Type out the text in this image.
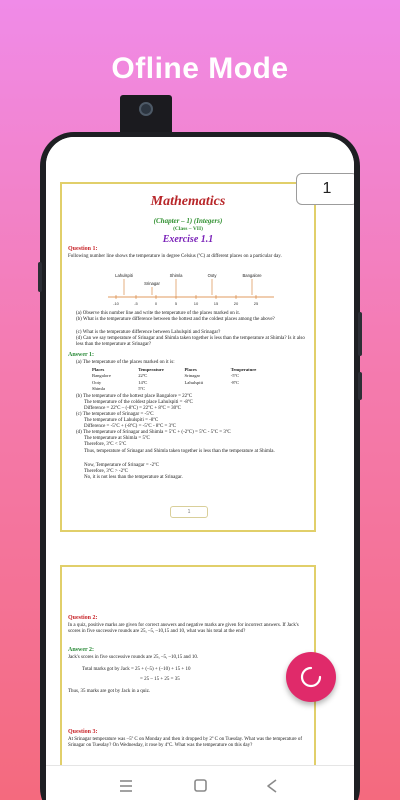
Ofline Mode
Mathematics
(Chapter – 1) (Integers)
(Class – VII)
Exercise 1.1
Question 1:
Following number line shows the temperature in degree Celsius (ºC) at different places on a particular day.
-10	-5	0	5	10	15	20	25
Lahulspiti
Srinagar
Shimla	Ooty	Bangalore
(a) Observe this number line and write the temperature of the places marked on it.
(b) What is the temperature difference between the hottest and the coldest places among the above?
(c) What is the temperature difference between Lahulspiti and Srinagar?
(d) Can we say temperature of Srinagar and Shimla taken together is less than the temperature at Shimla? Is it also less than the temperature at Srinagar?
Answer 1:
(a) The temperature of the places marked on it is:
Places	Temperature	Places	Temperature
Bangalore	22ºC	Srinagar	-5ºC
Ooty	14ºC	Lahulspiti	-8ºC
Shimla	5ºC
(b) The temperature of the hottest place Bangalore = 22ºC
The temperature of the coldest place Lahulspiti = -8ºC
Difference = 22ºC – (-8ºC) = 22ºC + 8ºC = 30ºC
(c) The temperature of Srinagar = -5ºC
The temperature of Lahulspiti = -8ºC
Difference = -5ºC + (-8ºC) = -5ºC - 8ºC = 3ºC
(d) The temperature of Srinagar and Shimla = 5ºC + (-2ºC) = 5ºC - 5ºC = 3ºC
The temperature at Shimla = 5ºC
Therefore, 3ºC < 5ºC
Thus, temperature of Srinagar and Shimla taken together is less than the temperature at Shimla.
Now, Temperature of Srinagar = -2ºC
Therefore, 3ºC > -2ºC
No, it is not less than the temperature at Srinagar.
1
1
Question 2:
In a quiz, positive marks are given for correct answers and negative marks are given for incorrect answers. If Jack's scores in five successive rounds are 25, –5, –10,15 and 10, what was his total at the end?
Answer 2:
Jack's scores in five successive rounds are 25, –5, –10,15 and 10.
Total marks got by Jack = 25 + (–5) + (–10) + 15 + 10
= 25 – 15 + 25 = 35
Thus, 35 marks are got by Jack in a quiz.
Question 3:
At Srinagar temperature was –5º C on Monday and then it dropped by 2º C on Tuesday. What was the temperature of Srinagar on Tuesday? On Wednesday, it rose by 4ºC. What was the temperature on this day?
